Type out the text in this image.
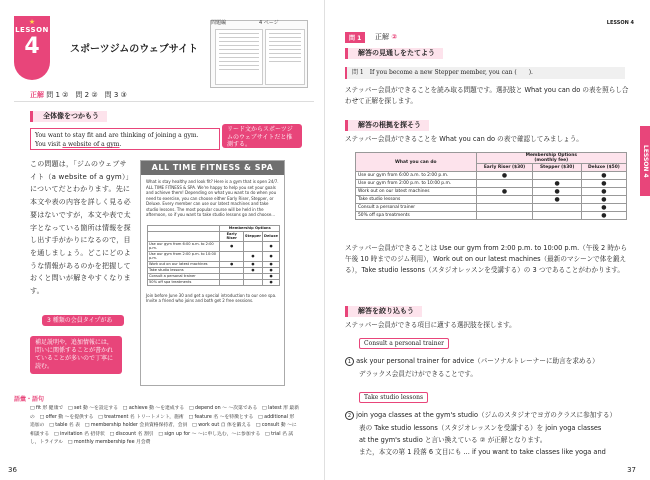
★
LESSON
4	スポーツジムのウェブサイト
問題編	4 ページ
正解 問 1 ②　問 2 ②　問 3 ③
全体像をつかもう
You want to stay fit and are thinking of joining a gym.
You visit a website of a gym.
リード文からスポーツジムのウェブサイトだと推測する。
この問題は，「ジムのウェブサイト（a website of a gym）」についてだとわかります。先に本文や表の内容を詳しく見る必要はないですが，本文や表で太字となっている箇所は情報を探し出す手がかりになるので，目を通しましょう。どこにどのような情報があるのかを把握しておくと問いが解きやすくなります。
3 種類の会員タイプがある。
補足説明や，追加情報には，問いに関係することが書かれていることが多いので丁寧に読む。
ALL TIME FITNESS & SPA
What is stay healthy and look fit? Here is a gym that is open 24/7. ALL TIME FITNESS & SPA. We're happy to help you set your goals and achieve them! Depending on what you want to do when you need to exercise, you can choose either Early Riser, Stepper, or Deluxe. Every member can use our latest machines and take studio lessons. The most popular course will be held in the afternoon, so if you want to take studio lessons go and choose...
	Membership Options		
	Early Riser	Stepper	Deluxe
Use our gym from 6:00 a.m. to 2:00 p.m.	●		●
Use our gym from 2:00 p.m. to 10:00 p.m.		●	●
Work out on our latest machines	●	●	●
Take studio lessons		●	●
Consult a personal trainer			●
50% off spa treatments			●
Join before June 30 and get a special introduction to our one spa. Invite a friend who joins and both get 2 free sessions.
語彙・語句
□ fit 形 健康で　□ set 動 〜を設定する　□ achieve 動 〜を達成する　□ depend on 〜 〜次第である　□ latest 形 最新の　□ offer 動 〜を提供する　□ treatment 名 トリートメント，施術　□ feature 名 〜を特徴とする　□ additional 形 追加の　□ table 名 表　□ membership holder 会員資格保持者，会員　□ work out 自 体を鍛える　□ consult 動 〜に相談する　□ invitation 名 招待状　□ discount 名 割引　□ sign up for 〜 〜に申し込む，〜に参加する　□ trial 名 試し，トライアル　□ monthly membership fee 月会費
36
LESSON 4
LESSON 4
問 1	正解 ②
解答の見通しをたてよう
問 1　If you become a new Stepper member, you can (　　).
ステッパー会員ができることを読み取る問題です。選択肢と What you can do の表を照らし合わせて正解を探します。
解答の根拠を探そう
ステッパー会員ができることを What you can do の表で確認してみましょう。
What you can do	Membership Options
(monthly fee)		
	Early Riser ($30)	Stepper ($30)	Deluxe ($50)
Use our gym from 6:00 a.m. to 2:00 p.m.	●		●
Use our gym from 2:00 p.m. to 10:00 p.m.		●	●
Work out on our latest machines	●	●	●
Take studio lessons		●	●
Consult a personal trainer			●
50% off spa treatments			●
ステッパー会員ができることは Use our gym from 2:00 p.m. to 10:00 p.m.（午後 2 時から午後 10 時までのジム利用），Work out on our latest machines（最新のマシーンで体を鍛える），Take studio lessons（スタジオレッスンを受講する）の 3 つであることがわかります。
解答を絞り込もう
ステッパー会員ができる項目に適する選択肢を探します。
Consult a personal trainer
1 ask your personal trainer for advice（パーソナルトレーナーに助言を求める）
デラックス会員だけができることです。
Take studio lessons
2 join yoga classes at the gym's studio（ジムのスタジオでヨガのクラスに参加する）
表の Take studio lessons（スタジオレッスンを受講する）を join yoga classes
at the gym's studio と言い換えている ② が正解となります。
また，本文の第 1 段落 6 文目にも ... if you want to take classes like yoga and
37
